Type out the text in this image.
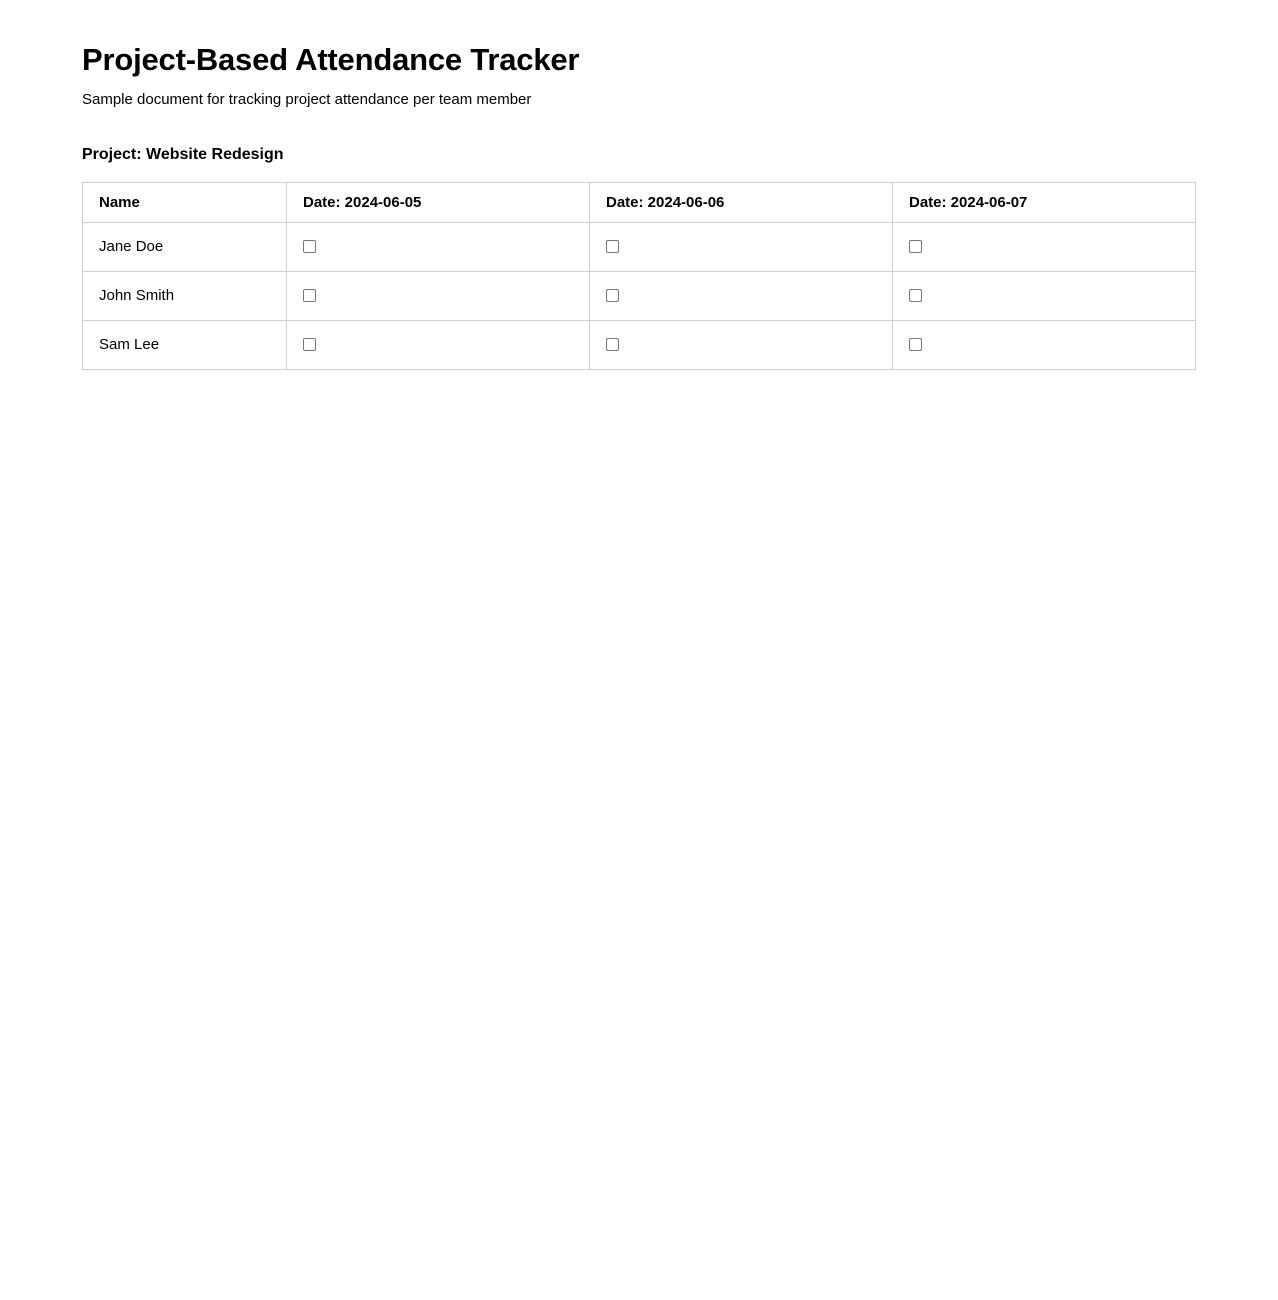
Project-Based Attendance Tracker

Sample document for tracking project attendance per team member

Project: Website Redesign
Name	Date: 2024-06-05	Date: 2024-06-06	Date: 2024-06-07
Jane Doe			
John Smith			
Sam Lee			
